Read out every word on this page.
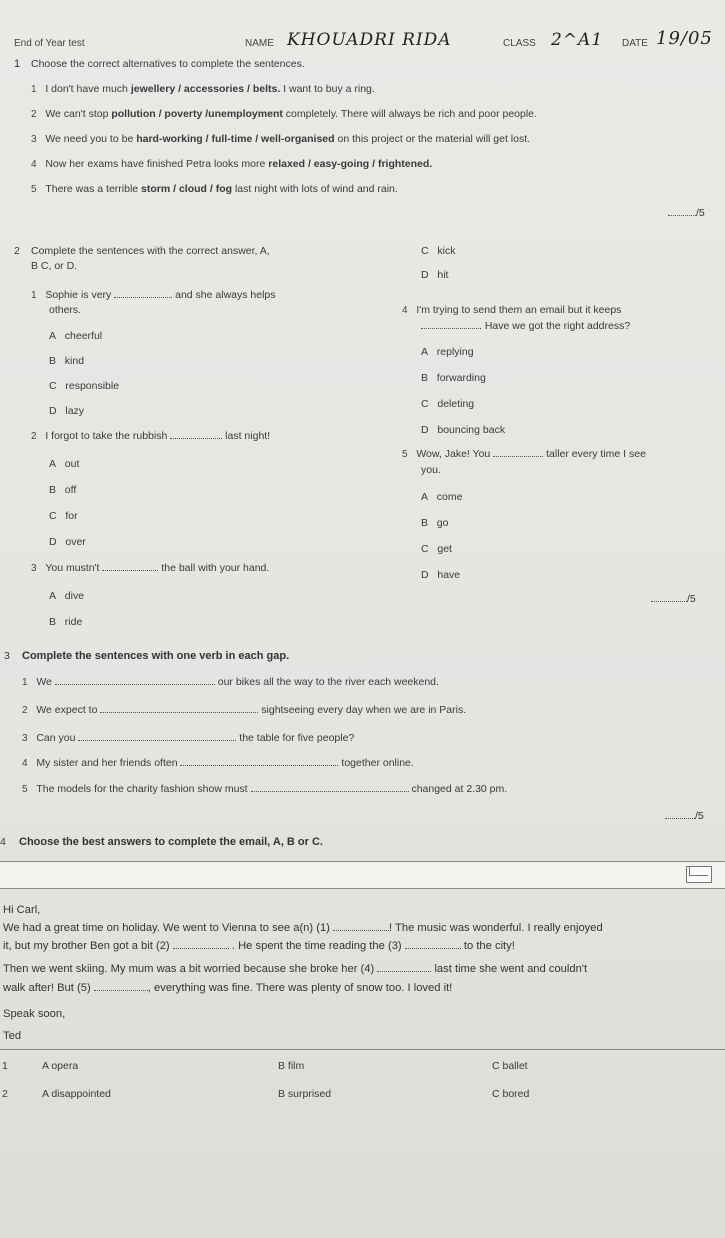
End of Year test	NAME KHOUADRI RIDA	CLASS 2^A1 DATE 19/05
1 Choose the correct alternatives to complete the sentences.
1 I don't have much jewellery / accessories / belts. I want to buy a ring.
2 We can't stop pollution / poverty /unemployment completely. There will always be rich and poor people.
3 We need you to be hard-working / full-time / well-organised on this project or the material will get lost.
4 Now her exams have finished Petra looks more relaxed / easy-going / frightened.
5 There was a terrible storm / cloud / fog last night with lots of wind and rain.
/5
2 Complete the sentences with the correct answer, A,
B C, or D.
1 Sophie is very	and she always helps
others.
A cheerful
B kind
C responsible
D lazy
2 I forgot to take the rubbish	last night!
A out
B off
C for
D over
3 You mustn't	the ball with your hand.
A dive
B ride
C kick
D hit
4 I'm trying to send them an email but it keeps
. Have we got the right address?
A replying
B forwarding
C deleting
D bouncing back
5 Wow, Jake! You	taller every time I see
you.
A come
B go
C get
D have
/5
3 Complete the sentences with one verb in each gap.
1 We	our bikes all the way to the river each weekend.
2 We expect to	sightseeing every day when we are in Paris.
3 Can you	the table for five people?
4 My sister and her friends often	together online.
5 The models for the charity fashion show must	changed at 2.30 pm.
/5
4 Choose the best answers to complete the email, A, B or C.
Hi Carl,
We had a great time on holiday. We went to Vienna to see a(n) (1)	! The music was wonderful. I really enjoyed
it, but my brother Ben got a bit (2)	. He spent the time reading the (3)	to the city!
Then we went skiing. My mum was a bit worried because she broke her (4)	last time she went and couldn't
walk after! But (5)	, everything was fine. There was plenty of snow too. I loved it!
Speak soon,
Ted
1	A opera	B film	C ballet
2	A disappointed	B surprised	C bored
